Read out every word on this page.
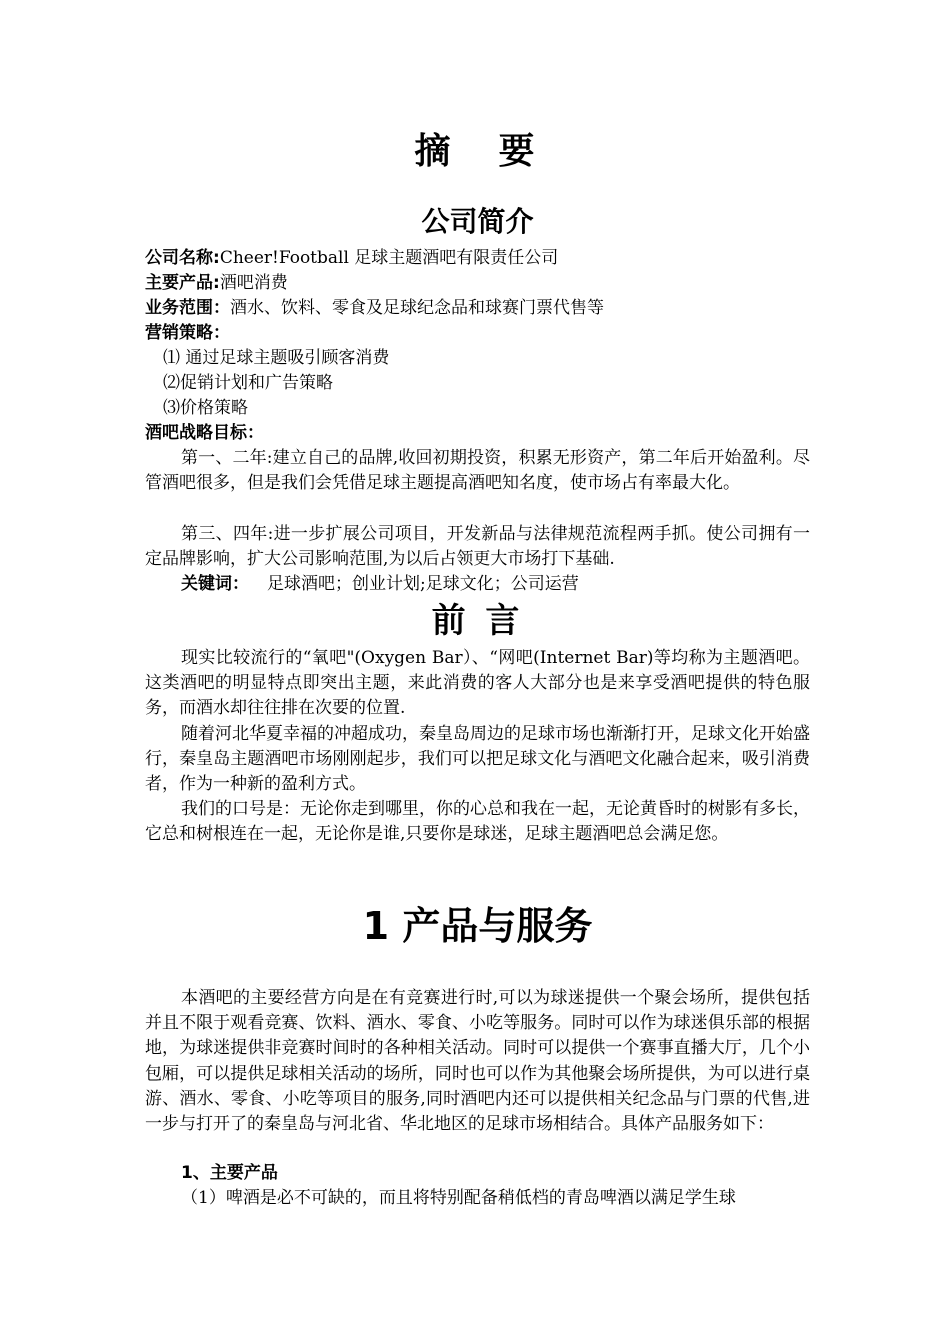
摘　要
公司简介

公司名称:Cheer!Football 足球主题酒吧有限责任公司

主要产品:酒吧消费

业务范围：酒水、饮料、零食及足球纪念品和球赛门票代售等

营销策略：

⑴ 通过足球主题吸引顾客消费

⑵促销计划和广告策略

⑶价格策略

酒吧战略目标：

第一、二年:建立自己的品牌,收回初期投资，积累无形资产，第二年后开始盈利。尽管酒吧很多，但是我们会凭借足球主题提高酒吧知名度，使市场占有率最大化。

第三、四年:进一步扩展公司项目，开发新品与法律规范流程两手抓。使公司拥有一定品牌影响，扩大公司影响范围,为以后占领更大市场打下基础.

关键词： 足球酒吧；创业计划;足球文化；公司运营

前 言

现实比较流行的“氧吧"(Oxygen Bar）、“网吧(Internet Bar)等均称为主题酒吧。这类酒吧的明显特点即突出主题，来此消费的客人大部分也是来享受酒吧提供的特色服务，而酒水却往往排在次要的位置.

随着河北华夏幸福的冲超成功，秦皇岛周边的足球市场也渐渐打开，足球文化开始盛行，秦皇岛主题酒吧市场刚刚起步，我们可以把足球文化与酒吧文化融合起来，吸引消费者，作为一种新的盈利方式。

我们的口号是：无论你走到哪里，你的心总和我在一起，无论黄昏时的树影有多长，它总和树根连在一起，无论你是谁,只要你是球迷，足球主题酒吧总会满足您。

1 产品与服务

本酒吧的主要经营方向是在有竞赛进行时,可以为球迷提供一个聚会场所，提供包括并且不限于观看竞赛、饮料、酒水、零食、小吃等服务。同时可以作为球迷俱乐部的根据地，为球迷提供非竞赛时间时的各种相关活动。同时可以提供一个赛事直播大厅，几个小包厢，可以提供足球相关活动的场所，同时也可以作为其他聚会场所提供，为可以进行桌游、酒水、零食、小吃等项目的服务,同时酒吧内还可以提供相关纪念品与门票的代售,进一步与打开了的秦皇岛与河北省、华北地区的足球市场相结合。具体产品服务如下：

1、主要产品

（1）啤酒是必不可缺的，而且将特别配备稍低档的青岛啤酒以满足学生球
